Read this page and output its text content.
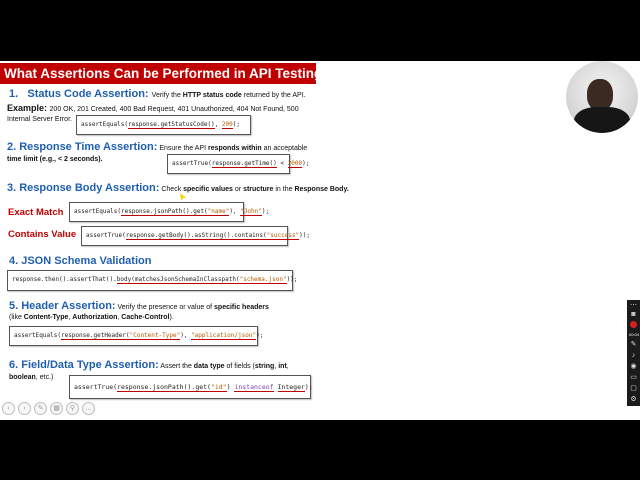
What Assertions Can be Performed in API Testing?
1. Status Code Assertion: Verify the HTTP status code returned by the API.
Example: 200 OK, 201 Created, 400 Bad Request, 401 Unauthorized, 404 Not Found, 500 Internal Server Error.
assertEquals(response.getStatusCode(), 200);
2. Response Time Assertion: Ensure the API responds within an acceptable
time limit (e.g., < 2 seconds).
assertTrue(response.getTime() < 2000);
3. Response Body Assertion: Check specific values or structure in the Response Body.
Exact Match	assertEquals(response.jsonPath().get("name"), "John");
Contains Value	assertTrue(response.getBody().asString().contains("success"));
4. JSON Schema Validation
response.then().assertThat().body(matchesJsonSchemaInClasspath("schema.json"));
5. Header Assertion: Verify the presence or value of specific headers
(like Content-Type, Authorization, Cache-Control).
assertEquals(response.getHeader("Content-Type"), "application/json");
6. Field/Data Type Assertion: Assert the data type of fields (string, int,
boolean, etc.)
assertTrue(response.jsonPath().get("id") instanceof Integer);
‹	›	✎	▦	⚲	…
⋯
◙
00:04
✎
♪
◉
▭
▢
⚙
